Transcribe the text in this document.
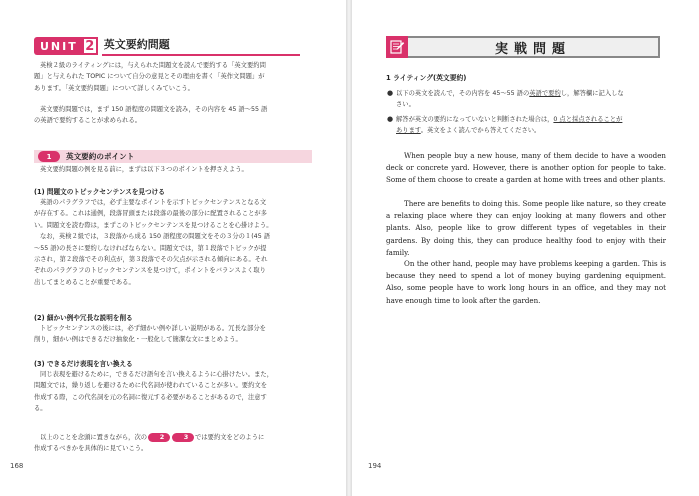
UNIT 2 英文要約問題
英検２級のライティングには，与えられた問題文を読んで要約する「英文要約問
題」と与えられた TOPIC について自分の意見とその理由を書く「英作文問題」が
あります。「英文要約問題」について詳しくみていこう。
英文要約問題では，まず 150 語程度の問題文を読み，その内容を 45 語〜55 語
の英語で要約することが求められる。
1	英文要約のポイント
英文要約問題の例を見る前に，まずは以下３つのポイントを押さえよう。

(1) 問題文のトピックセンテンスを見つける

英語のパラグラフでは，必ず主要なポイントを示すトピックセンテンスとなる文
が存在する。これは通例，段落冒頭または段落の最後の部分に配置されることが多
い。問題文を読む際は，まずこのトピックセンテンスを見つけることを心掛けよう。
なお，英検２級では，３段落から成る 150 語程度の問題文をその３分の１(45 語
〜55 語)の長さに要約しなければならない。問題文では，第１段落でトピックが提
示され，第２段落でその利点が，第３段落でその欠点が示される傾向にある。それ
ぞれのパラグラフのトピックセンテンスを見つけて，ポイントをバランスよく取り
出してまとめることが重要である。

(2) 細かい例や冗長な説明を削る

トピックセンテンスの後には，必ず細かい例や詳しい説明がある。冗長な部分を
削り，細かい例はできるだけ抽象化・一般化して簡潔な文にまとめよう。

(3) できるだけ表現を言い換える

同じ表現を避けるために，できるだけ語句を言い換えるように心掛けたい。また，
問題文では，繰り返しを避けるために代名詞が使われていることが多い。要約文を
作成する際，この代名詞を元の名詞に復元する必要があることがあるので，注意す
る。
以上のことを念頭に置きながら，次の 2	3 では要約文をどのように
作成するべきかを具体的に見ていこう。
168
実戦問題

1 ライティング(英文要約)

● 以下の英文を読んで，その内容を 45〜55 語の英語で要約し，解答欄に記入しな
さい。
● 解答が英文の要約になっていないと判断された場合は，0 点と採点されることが
あります。英文をよく読んでから答えてください。

When people buy a new house, many of them decide to have a wooden deck or concrete yard. However, there is another option for people to take. Some of them choose to create a garden at home with trees and other plants.

There are benefits to doing this. Some people like nature, so they create a relaxing place where they can enjoy looking at many flowers and other plants. Also, people like to grow different types of vegetables in their gardens. By doing this, they can produce healthy food to enjoy with their family.

On the other hand, people may have problems keeping a garden. This is because they need to spend a lot of money buying gardening equipment. Also, some people have to work long hours in an office, and they may not have enough time to look after the garden.

194
